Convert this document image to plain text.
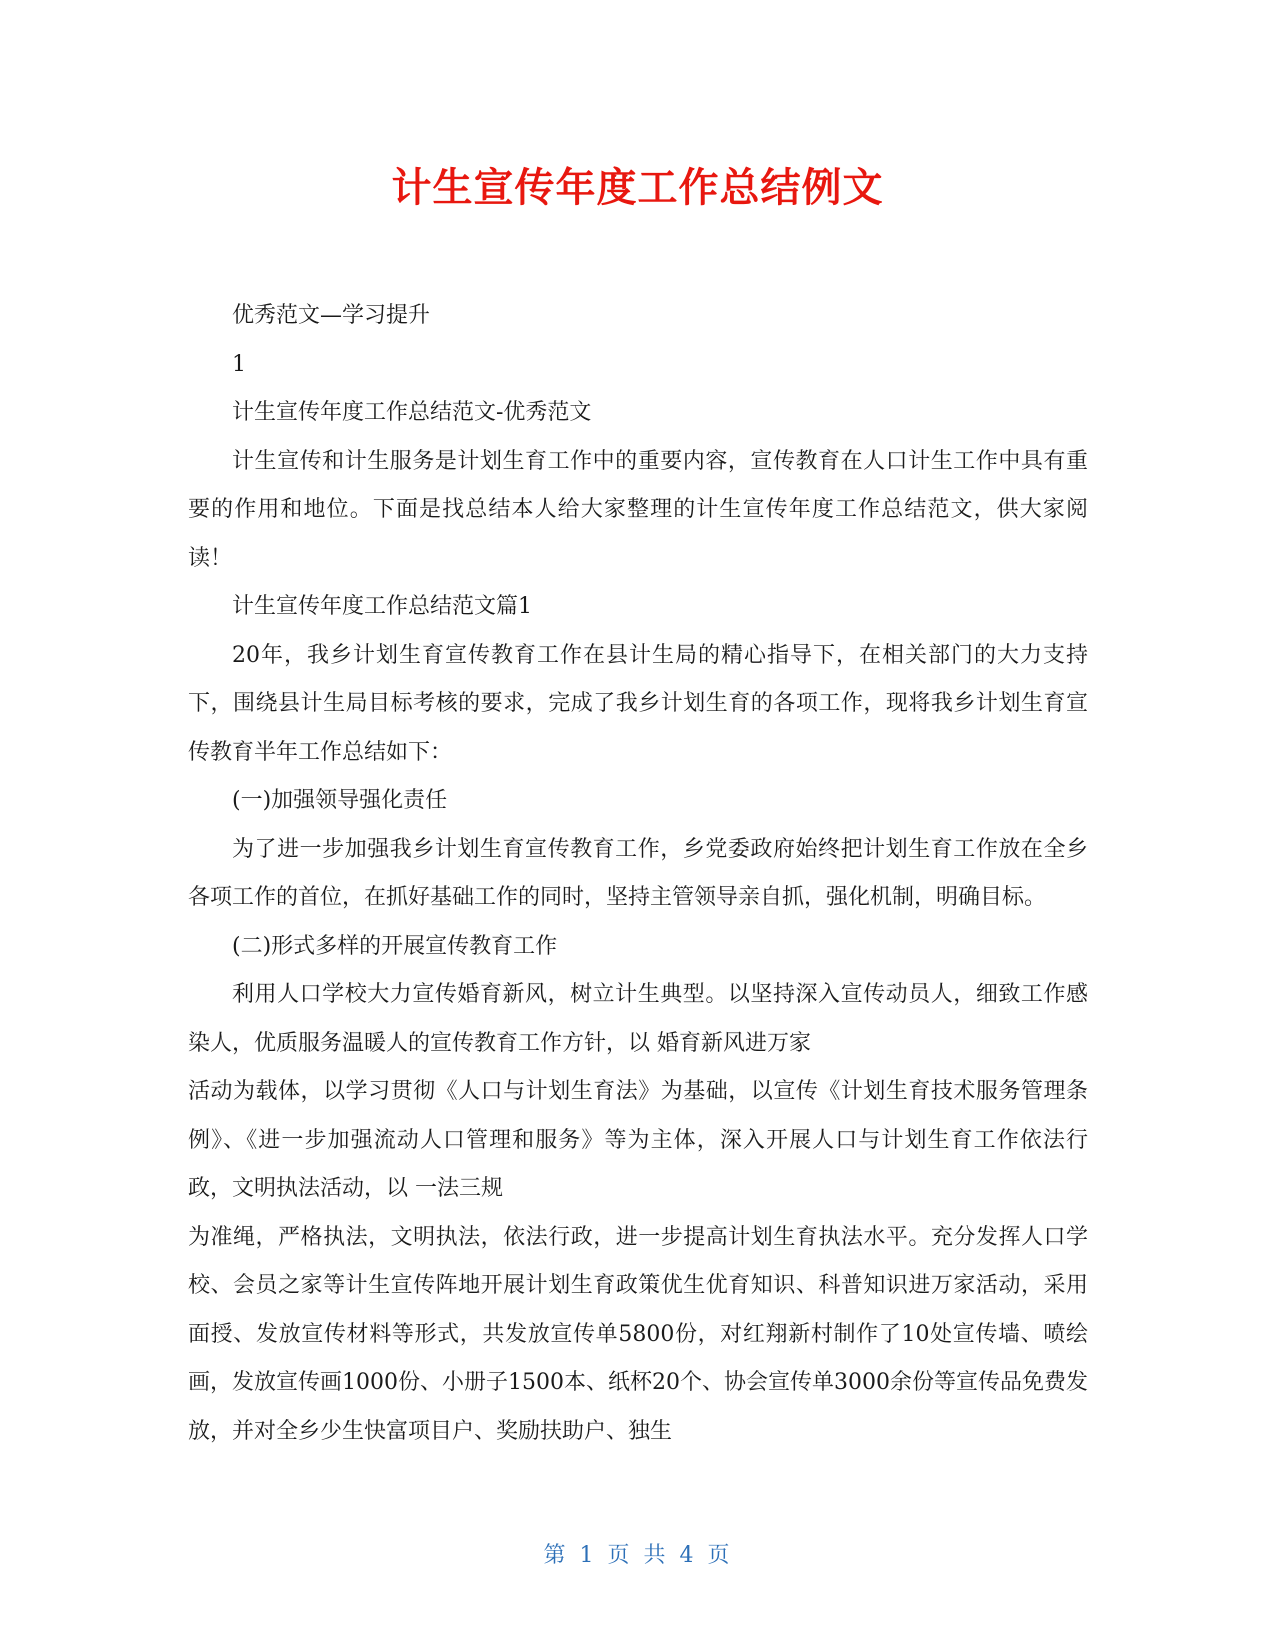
计生宣传年度工作总结例文

优秀范文—学习提升

1

计生宣传年度工作总结范文-优秀范文

计生宣传和计生服务是计划生育工作中的重要内容，宣传教育在人口计生工作中具有重要的作用和地位。下面是找总结本人给大家整理的计生宣传年度工作总结范文，供大家阅读！

计生宣传年度工作总结范文篇1

20年，我乡计划生育宣传教育工作在县计生局的精心指导下，在相关部门的大力支持下，围绕县计生局目标考核的要求，完成了我乡计划生育的各项工作，现将我乡计划生育宣传教育半年工作总结如下：

(一)加强领导强化责任

为了进一步加强我乡计划生育宣传教育工作，乡党委政府始终把计划生育工作放在全乡各项工作的首位，在抓好基础工作的同时，坚持主管领导亲自抓，强化机制，明确目标。

(二)形式多样的开展宣传教育工作

利用人口学校大力宣传婚育新风，树立计生典型。以坚持深入宣传动员人，细致工作感染人，优质服务温暖人的宣传教育工作方针，以 婚育新风进万家

活动为载体，以学习贯彻《人口与计划生育法》为基础，以宣传《计划生育技术服务管理条例》、《进一步加强流动人口管理和服务》等为主体，深入开展人口与计划生育工作依法行政，文明执法活动，以 一法三规

为准绳，严格执法，文明执法，依法行政，进一步提高计划生育执法水平。充分发挥人口学校、会员之家等计生宣传阵地开展计划生育政策优生优育知识、科普知识进万家活动，采用面授、发放宣传材料等形式，共发放宣传单5800份，对红翔新村制作了10处宣传墙、喷绘画，发放宣传画1000份、小册子1500本、纸杯20个、协会宣传单3000余份等宣传品免费发放，并对全乡少生快富项目户、奖励扶助户、独生

第 1 页 共 4 页
